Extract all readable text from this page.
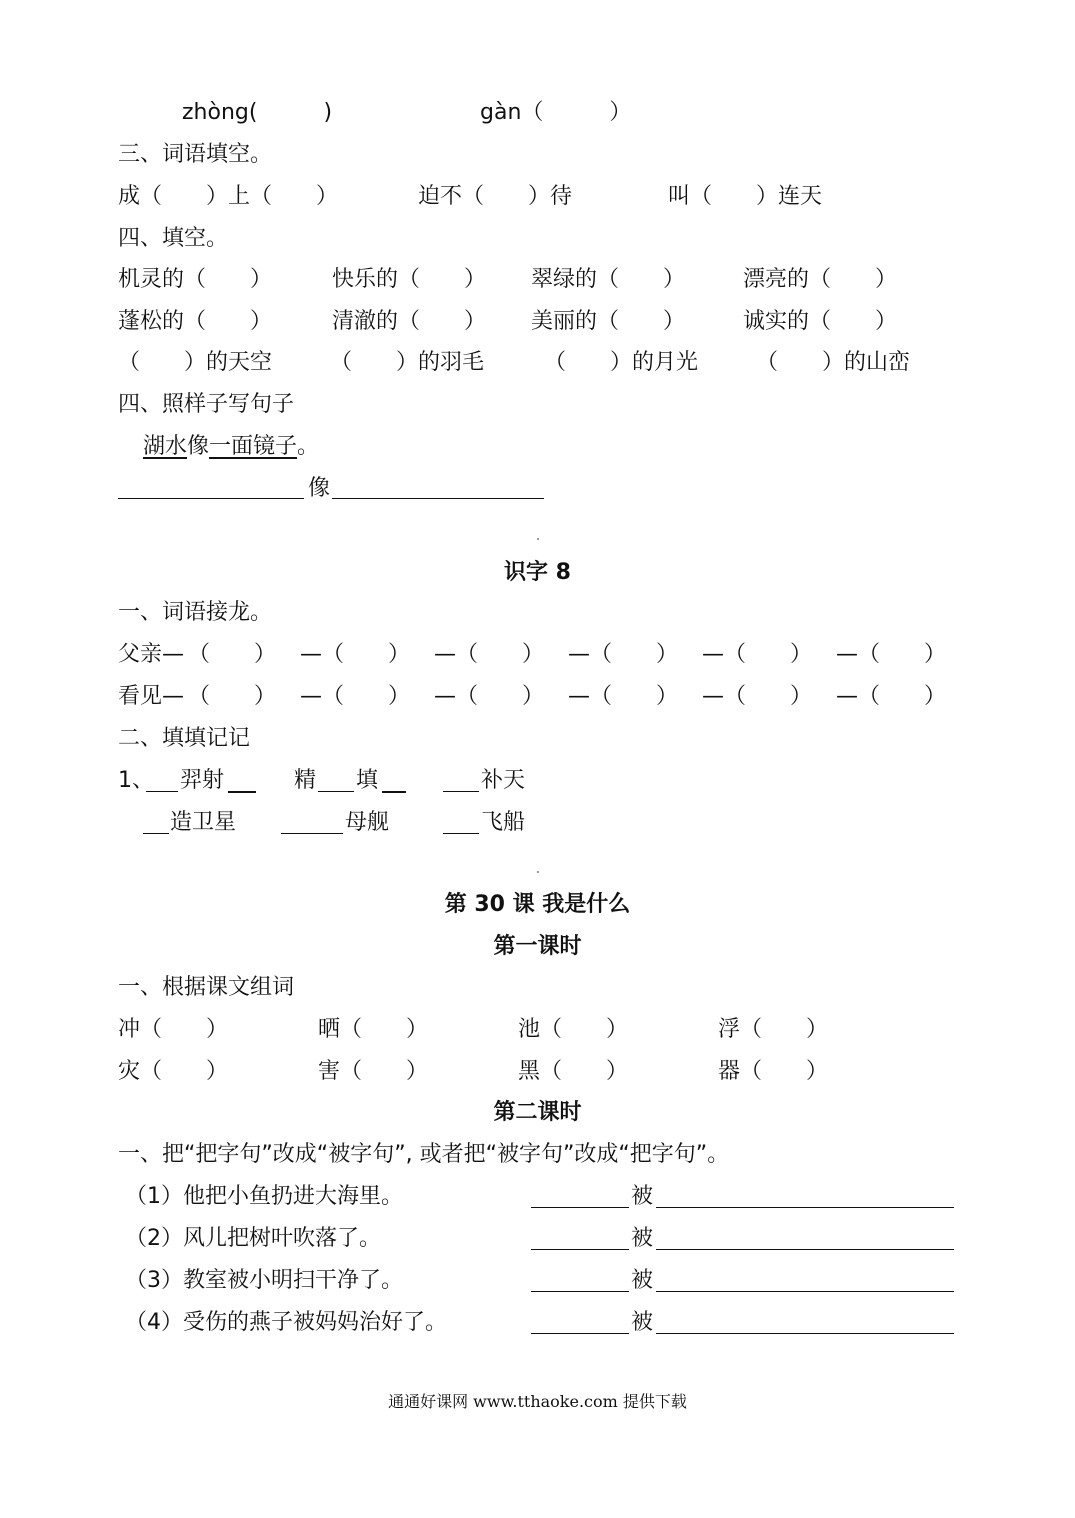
zhòng(　　　)	gàn（　　　）
三、词语填空。
成（　　）上（　　）	迫不（　　）待	叫（　　）连天
四、填空。
机灵的（　　）	快乐的（　　） 翠绿的（　　）	漂亮的（　　）
蓬松的（　　）	清澈的（　　） 美丽的（　　）	诚实的（　　）
（　　）的天空	（　　）的羽毛	（　　）的月光	（　　）的山峦
四、照样子写句子
湖水像一面镜子。
像
识字 8
一、词语接龙。
父亲— （　　） —（　　） —（　　） —（　　） —（　　） —（　　）
看见— （　　） —（　　） —（　　） —（　　） —（　　） —（　　）
二、填填记记
1、 羿射	精 填	补天
造卫星	母舰	飞船
第 30 课 我是什么
第一课时
一、根据课文组词
冲（　　）	晒（　　）	池（　　）	浮（　　）
灾（　　）	害（　　）	黑（　　）	器（　　）
第二课时
一、把“把字句”改成“被字句”, 或者把“被字句”改成“把字句”。
（1）他把小鱼扔进大海里。	被
（2）风儿把树叶吹落了。	被
（3）教室被小明扫干净了。	被
（4）受伤的燕子被妈妈治好了。	被
通通好课网 www.tthaoke.com 提供下载
